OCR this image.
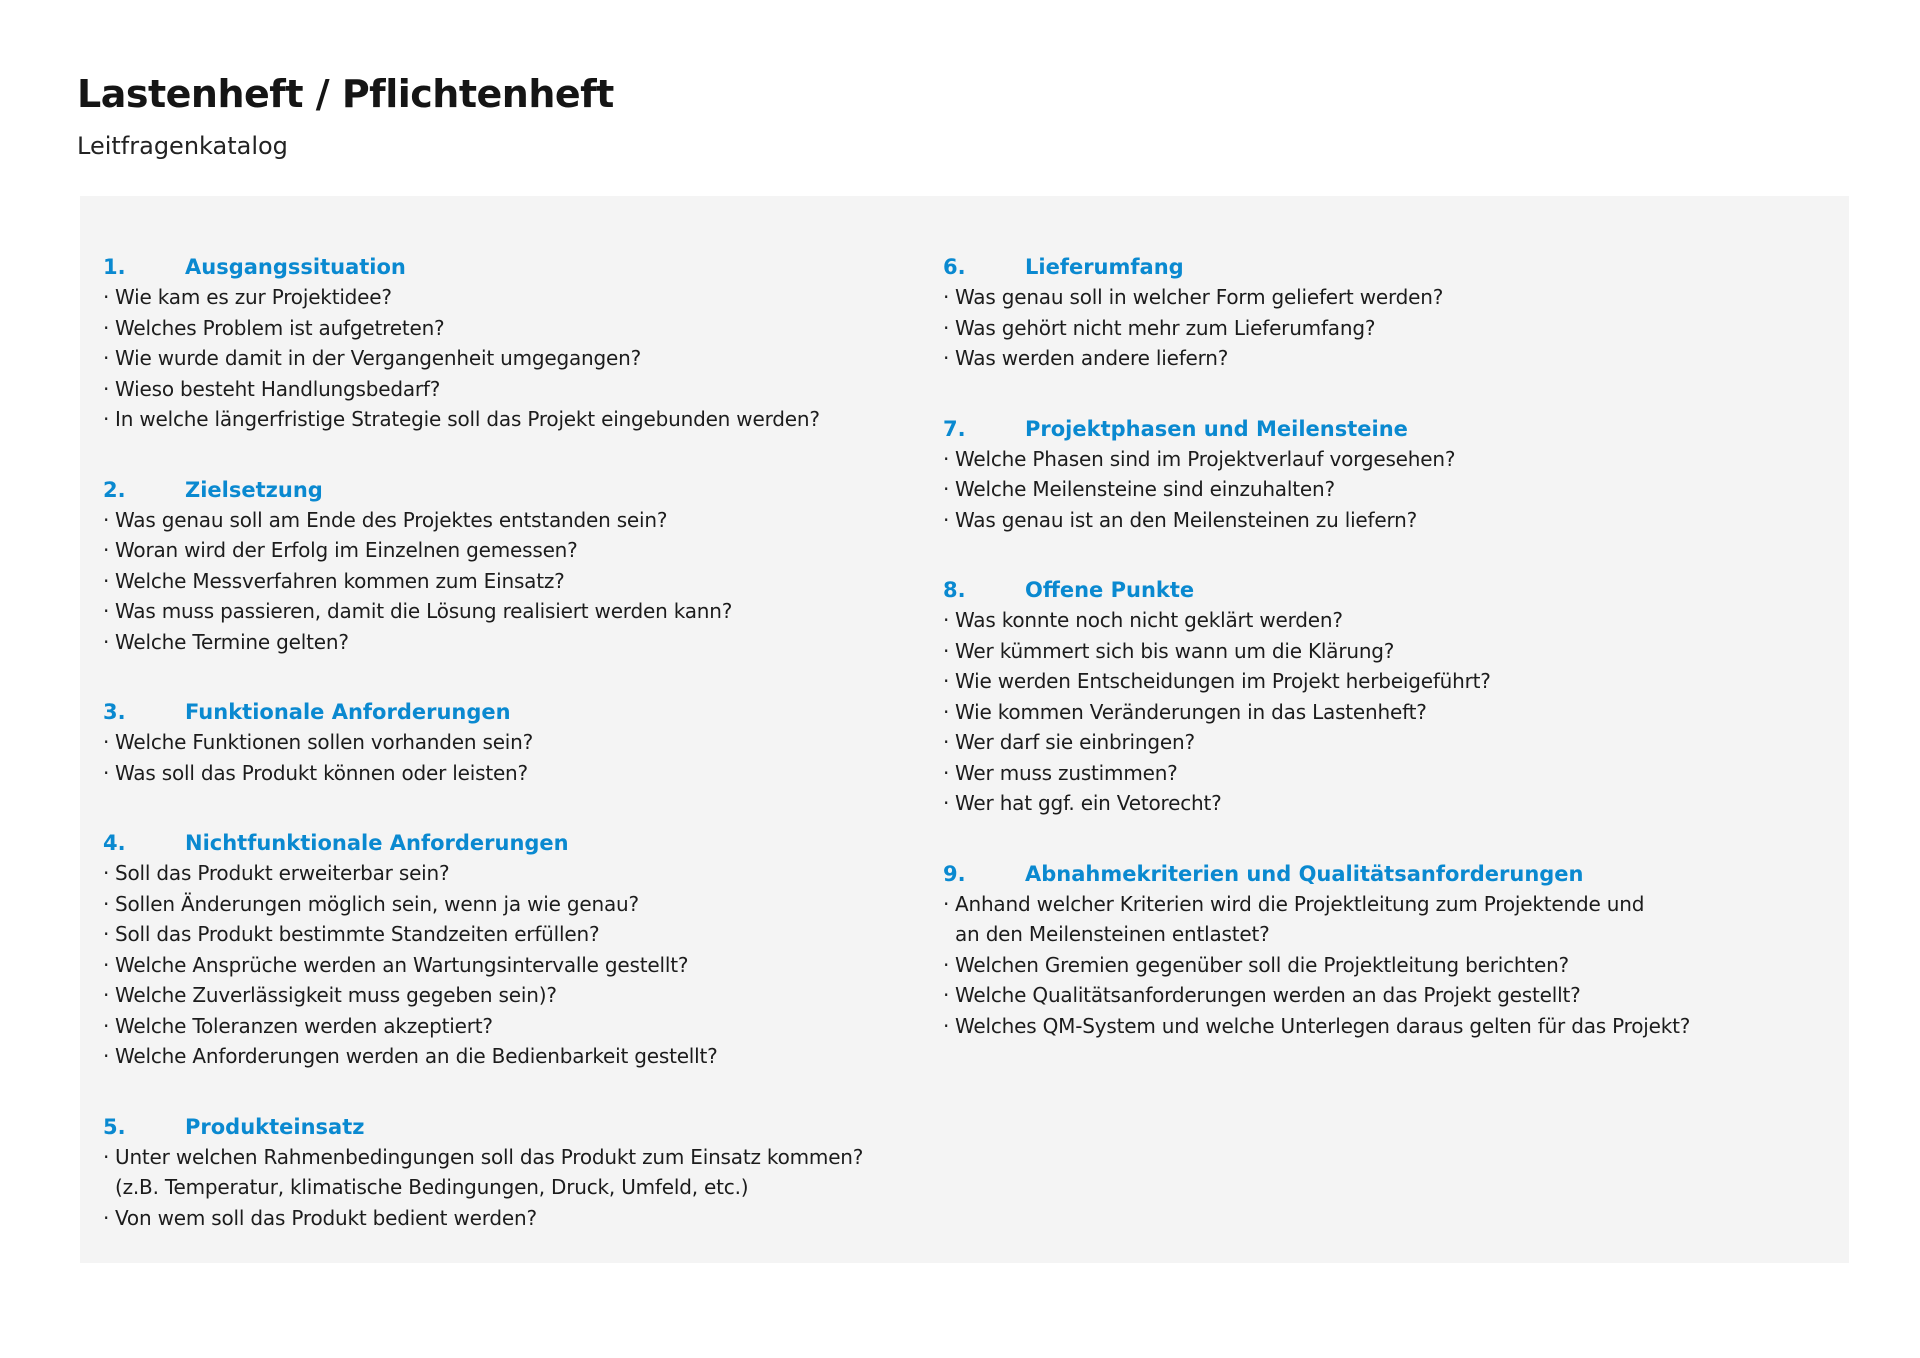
Lastenheft / Pflichtenheft
Leitfragenkatalog
1.	Ausgangssituation
· Wie kam es zur Projektidee?
· Welches Problem ist aufgetreten?
· Wie wurde damit in der Vergangenheit umgegangen?
· Wieso besteht Handlungsbedarf?
· In welche längerfristige Strategie soll das Projekt eingebunden werden?
2.	Zielsetzung
· Was genau soll am Ende des Projektes entstanden sein?
· Woran wird der Erfolg im Einzelnen gemessen?
· Welche Messverfahren kommen zum Einsatz?
· Was muss passieren, damit die Lösung realisiert werden kann?
· Welche Termine gelten?
3.	Funktionale Anforderungen
· Welche Funktionen sollen vorhanden sein?
· Was soll das Produkt können oder leisten?
4.	Nichtfunktionale Anforderungen
· Soll das Produkt erweiterbar sein?
· Sollen Änderungen möglich sein, wenn ja wie genau?
· Soll das Produkt bestimmte Standzeiten erfüllen?
· Welche Ansprüche werden an Wartungsintervalle gestellt?
· Welche Zuverlässigkeit muss gegeben sein)?
· Welche Toleranzen werden akzeptiert?
· Welche Anforderungen werden an die Bedienbarkeit gestellt?
5.	Produkteinsatz
· Unter welchen Rahmenbedingungen soll das Produkt zum Einsatz kommen?
(z.B. Temperatur, klimatische Bedingungen, Druck, Umfeld, etc.)
· Von wem soll das Produkt bedient werden?
6.	Lieferumfang
· Was genau soll in welcher Form geliefert werden?
· Was gehört nicht mehr zum Lieferumfang?
· Was werden andere liefern?
7.	Projektphasen und Meilensteine
· Welche Phasen sind im Projektverlauf vorgesehen?
· Welche Meilensteine sind einzuhalten?
· Was genau ist an den Meilensteinen zu liefern?
8.	Offene Punkte
· Was konnte noch nicht geklärt werden?
· Wer kümmert sich bis wann um die Klärung?
· Wie werden Entscheidungen im Projekt herbeigeführt?
· Wie kommen Veränderungen in das Lastenheft?
· Wer darf sie einbringen?
· Wer muss zustimmen?
· Wer hat ggf. ein Vetorecht?
9.	Abnahmekriterien und Qualitätsanforderungen
· Anhand welcher Kriterien wird die Projektleitung zum Projektende und
an den Meilensteinen entlastet?
· Welchen Gremien gegenüber soll die Projektleitung berichten?
· Welche Qualitätsanforderungen werden an das Projekt gestellt?
· Welches QM-System und welche Unterlegen daraus gelten für das Projekt?
